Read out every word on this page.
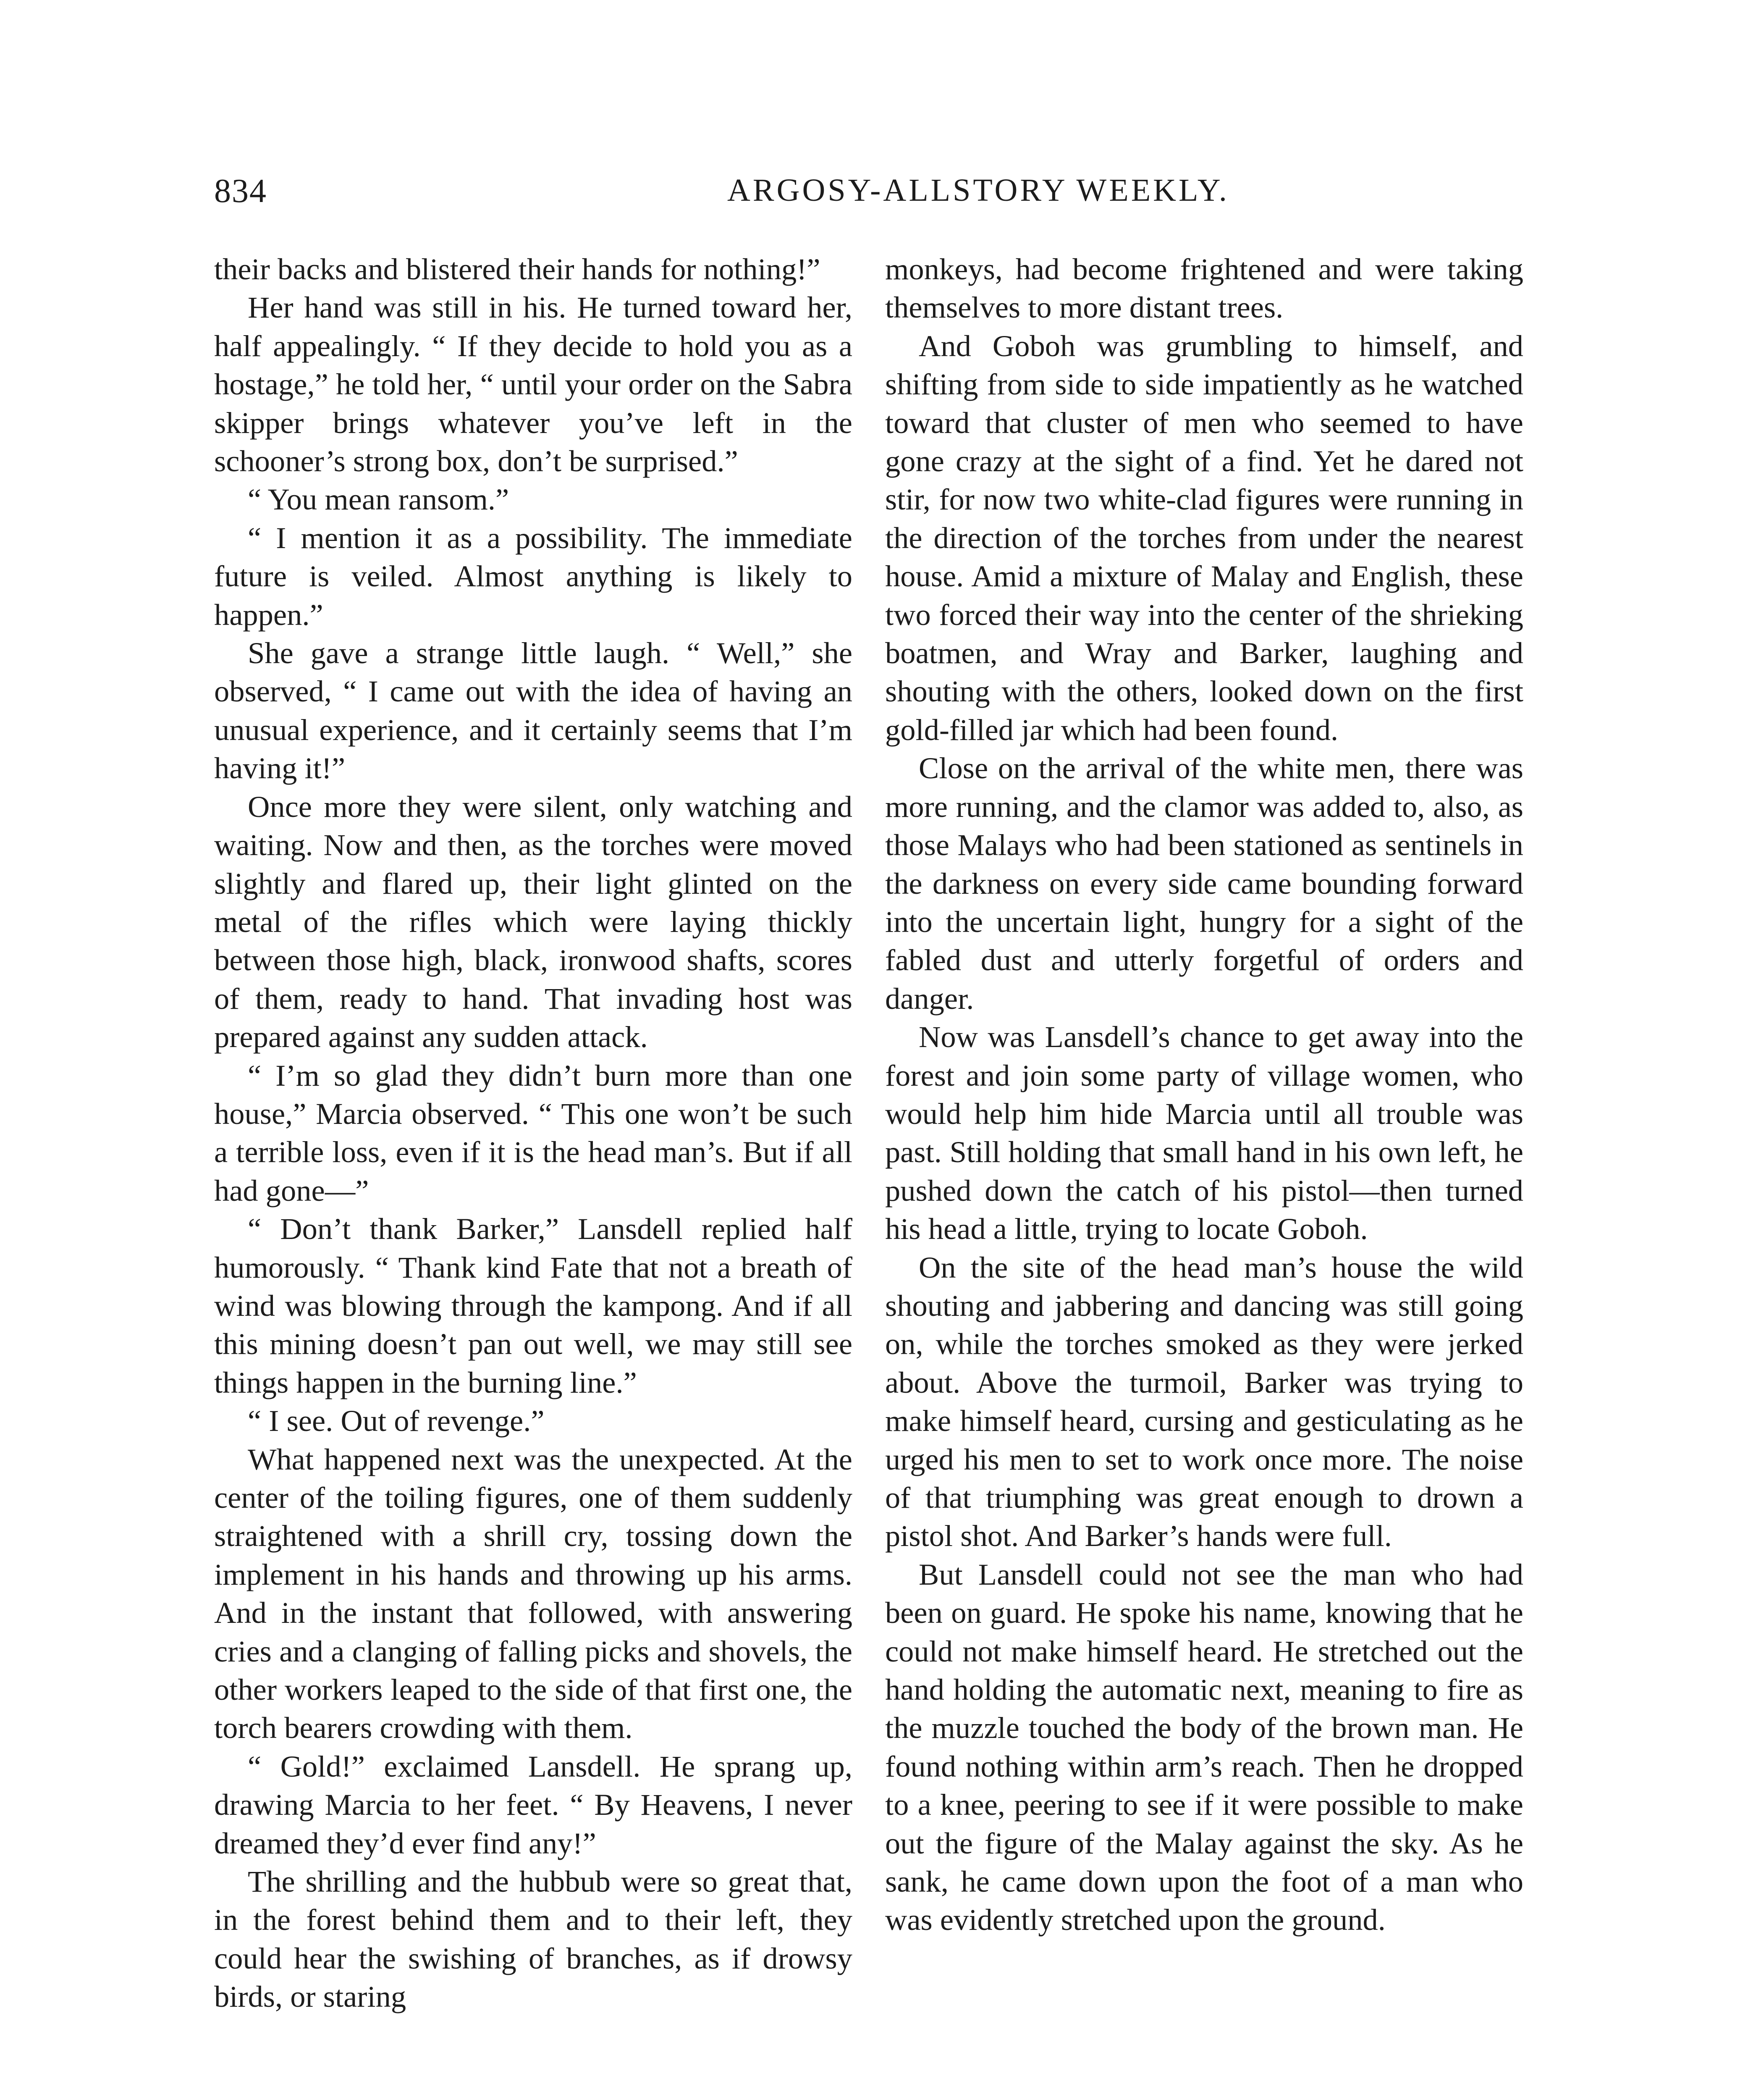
834	ARGOSY-ALLSTORY WEEKLY.

their backs and blistered their hands for nothing!”

Her hand was still in his. He turned toward her, half appealingly. “ If they decide to hold you as a hostage,” he told her, “ until your order on the Sabra skipper brings whatever you’ve left in the schooner’s strong box, don’t be surprised.”

“ You mean ransom.”

“ I mention it as a possibility. The immediate future is veiled. Almost anything is likely to happen.”

She gave a strange little laugh. “ Well,” she observed, “ I came out with the idea of having an unusual experience, and it certainly seems that I’m having it!”

Once more they were silent, only watching and waiting. Now and then, as the torches were moved slightly and flared up, their light glinted on the metal of the rifles which were laying thickly between those high, black, ironwood shafts, scores of them, ready to hand. That invading host was prepared against any sudden attack.

“ I’m so glad they didn’t burn more than one house,” Marcia observed. “ This one won’t be such a terrible loss, even if it is the head man’s. But if all had gone—”

“ Don’t thank Barker,” Lansdell replied half humorously. “ Thank kind Fate that not a breath of wind was blowing through the kampong. And if all this mining doesn’t pan out well, we may still see things happen in the burning line.”

“ I see. Out of revenge.”

What happened next was the unexpected. At the center of the toiling figures, one of them suddenly straightened with a shrill cry, tossing down the implement in his hands and throwing up his arms. And in the instant that followed, with answering cries and a clanging of falling picks and shovels, the other workers leaped to the side of that first one, the torch bearers crowding with them.

“ Gold!” exclaimed Lansdell. He sprang up, drawing Marcia to her feet. “ By Heavens, I never dreamed they’d ever find any!”

The shrilling and the hubbub were so great that, in the forest behind them and to their left, they could hear the swishing of branches, as if drowsy birds, or staring

monkeys, had become frightened and were taking themselves to more distant trees.

And Goboh was grumbling to himself, and shifting from side to side impatiently as he watched toward that cluster of men who seemed to have gone crazy at the sight of a find. Yet he dared not stir, for now two white-clad figures were running in the direction of the torches from under the nearest house. Amid a mixture of Malay and English, these two forced their way into the center of the shrieking boatmen, and Wray and Barker, laughing and shouting with the others, looked down on the first gold-filled jar which had been found.

Close on the arrival of the white men, there was more running, and the clamor was added to, also, as those Malays who had been stationed as sentinels in the darkness on every side came bounding forward into the uncertain light, hungry for a sight of the fabled dust and utterly forgetful of orders and danger.

Now was Lansdell’s chance to get away into the forest and join some party of village women, who would help him hide Marcia until all trouble was past. Still holding that small hand in his own left, he pushed down the catch of his pistol—then turned his head a little, trying to locate Goboh.

On the site of the head man’s house the wild shouting and jabbering and dancing was still going on, while the torches smoked as they were jerked about. Above the turmoil, Barker was trying to make himself heard, cursing and gesticulating as he urged his men to set to work once more. The noise of that triumphing was great enough to drown a pistol shot. And Barker’s hands were full.

But Lansdell could not see the man who had been on guard. He spoke his name, knowing that he could not make himself heard. He stretched out the hand holding the automatic next, meaning to fire as the muzzle touched the body of the brown man. He found nothing within arm’s reach. Then he dropped to a knee, peering to see if it were possible to make out the figure of the Malay against the sky. As he sank, he came down upon the foot of a man who was evidently stretched upon the ground.
